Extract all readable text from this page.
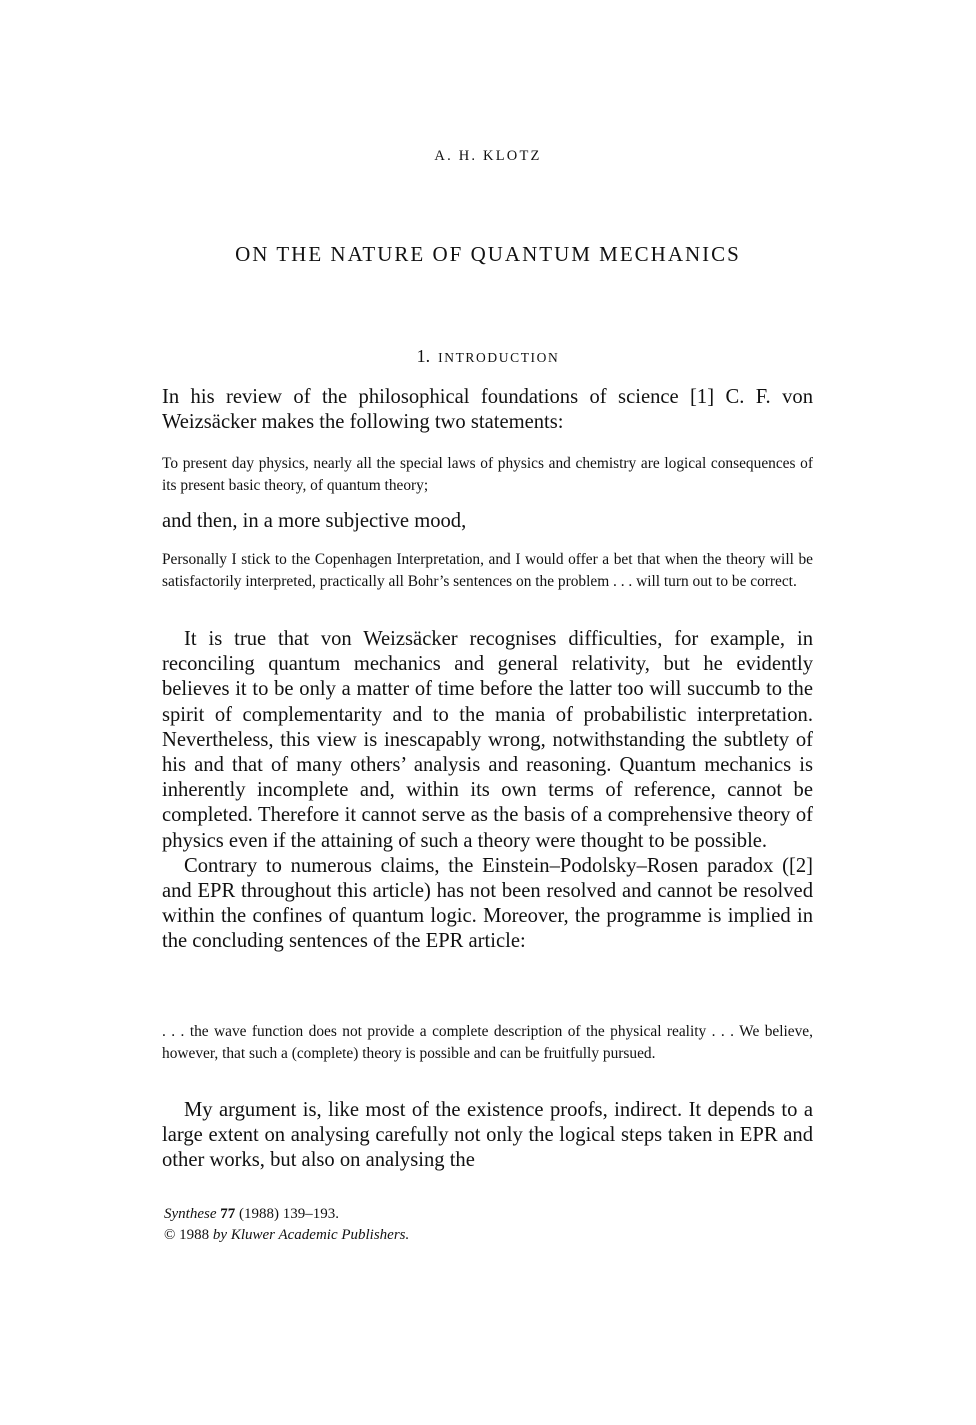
A. H. KLOTZ
ON THE NATURE OF QUANTUM MECHANICS
1. INTRODUCTION

In his review of the philosophical foundations of science [1] C. F. von Weizsäcker makes the following two statements:

To present day physics, nearly all the special laws of physics and chemistry are logical consequences of its present basic theory, of quantum theory;

and then, in a more subjective mood,

Personally I stick to the Copenhagen Interpretation, and I would offer a bet that when the theory will be satisfactorily interpreted, practically all Bohr’s sentences on the problem . . . will turn out to be correct.

It is true that von Weizsäcker recognises difficulties, for example, in reconciling quantum mechanics and general relativity, but he evidently believes it to be only a matter of time before the latter too will succumb to the spirit of complementarity and to the mania of probabilistic interpretation. Nevertheless, this view is inescapably wrong, notwithstanding the subtlety of his and that of many others’ analysis and reasoning. Quantum mechanics is inherently incomplete and, within its own terms of reference, cannot be completed. Therefore it cannot serve as the basis of a comprehensive theory of physics even if the attaining of such a theory were thought to be possible.

Contrary to numerous claims, the Einstein–Podolsky–Rosen paradox ([2] and EPR throughout this article) has not been resolved and cannot be resolved within the confines of quantum logic. Moreover, the programme is implied in the concluding sentences of the EPR article:

. . . the wave function does not provide a complete description of the physical reality . . . We believe, however, that such a (complete) theory is possible and can be fruitfully pursued.

My argument is, like most of the existence proofs, indirect. It depends to a large extent on analysing carefully not only the logical steps taken in EPR and other works, but also on analysing the

Synthese 77 (1988) 139–193.
© 1988 by Kluwer Academic Publishers.
